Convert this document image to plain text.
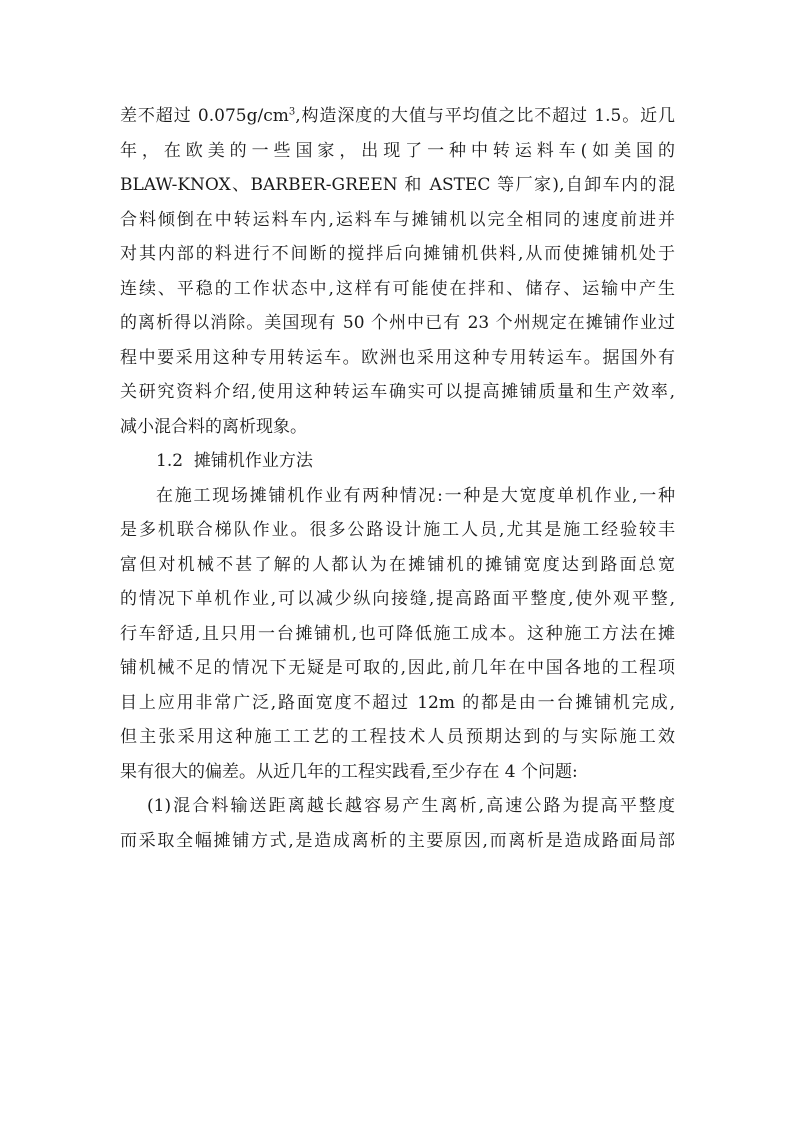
差不超过 $0.075g/cm^3$,构造深度的大值与平均值之比不超过 1.5。近几
年，在欧美的一些国家，出现了一种中转运料车(如美国的
BLAW-KNOX、BARBER-GREEN 和 ASTEC 等厂家),自卸车内的混
合料倾倒在中转运料车内,运料车与摊铺机以完全相同的速度前进并
对其内部的料进行不间断的搅拌后向摊铺机供料,从而使摊铺机处于
连续、平稳的工作状态中,这样有可能使在拌和、储存、运输中产生
的离析得以消除。美国现有 50 个州中已有 23 个州规定在摊铺作业过
程中要采用这种专用转运车。欧洲也采用这种专用转运车。据国外有
关研究资料介绍,使用这种转运车确实可以提高摊铺质量和生产效率,
减小混合料的离析现象。
1.2 摊铺机作业方法
在施工现场摊铺机作业有两种情况:一种是大宽度单机作业,一种
是多机联合梯队作业。很多公路设计施工人员,尤其是施工经验较丰
富但对机械不甚了解的人都认为在摊铺机的摊铺宽度达到路面总宽
的情况下单机作业,可以减少纵向接缝,提高路面平整度,使外观平整,
行车舒适,且只用一台摊铺机,也可降低施工成本。这种施工方法在摊
铺机械不足的情况下无疑是可取的,因此,前几年在中国各地的工程项
目上应用非常广泛,路面宽度不超过 12m 的都是由一台摊铺机完成,
但主张采用这种施工工艺的工程技术人员预期达到的与实际施工效
果有很大的偏差。从近几年的工程实践看,至少存在 4 个问题:
(1)混合料输送距离越长越容易产生离析,高速公路为提高平整度
而采取全幅摊铺方式,是造成离析的主要原因,而离析是造成路面局部
